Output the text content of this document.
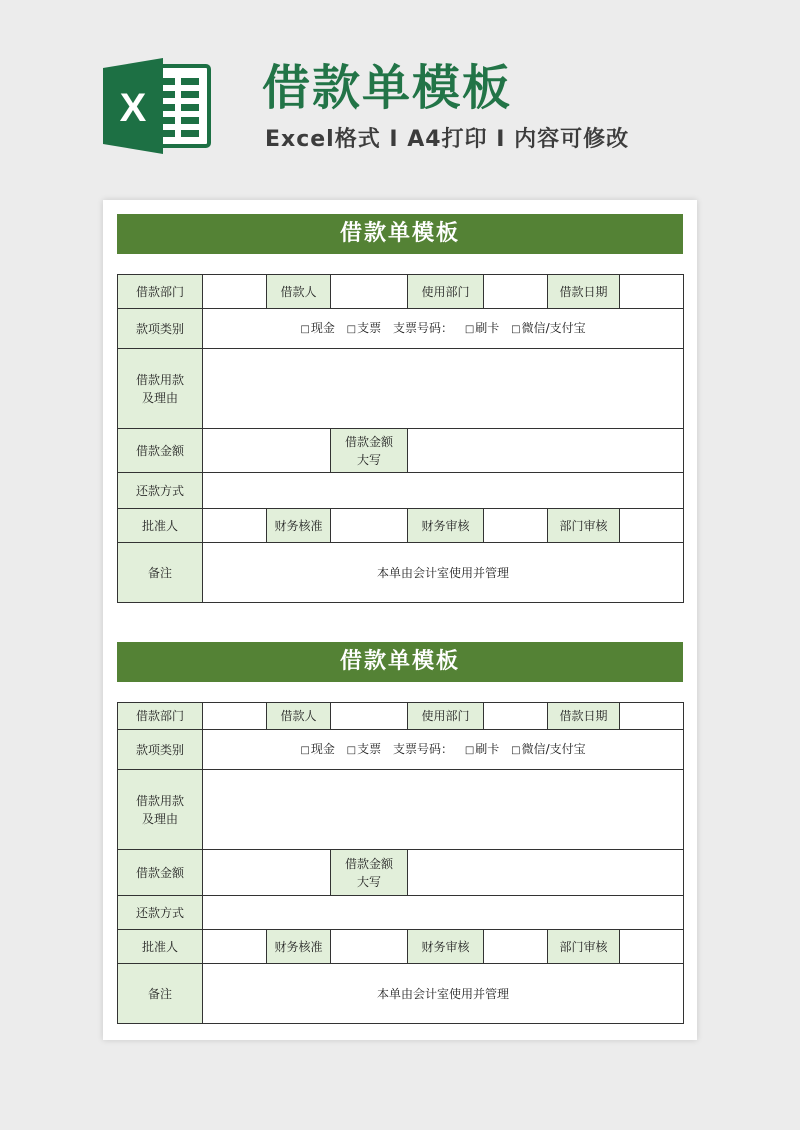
X 借款单模板

Excel格式 I A4打印 I 内容可修改

借款单模板
借款部门		借款人		使用部门		借款日期	
款项类别	□现金 □支票 支票号码： □刷卡 □微信/支付宝						

借款用款
及理由							

借款金额			借款金额
大写				

还款方式							
批准人		财务核准		财务审核		部门审核	
备注	本单由会计室使用并管理						
借款单模板
借款部门		借款人		使用部门		借款日期	
款项类别	□现金 □支票 支票号码： □刷卡 □微信/支付宝						

借款用款
及理由							

借款金额			借款金额
大写				

还款方式							
批准人		财务核准		财务审核		部门审核	
备注	本单由会计室使用并管理						
